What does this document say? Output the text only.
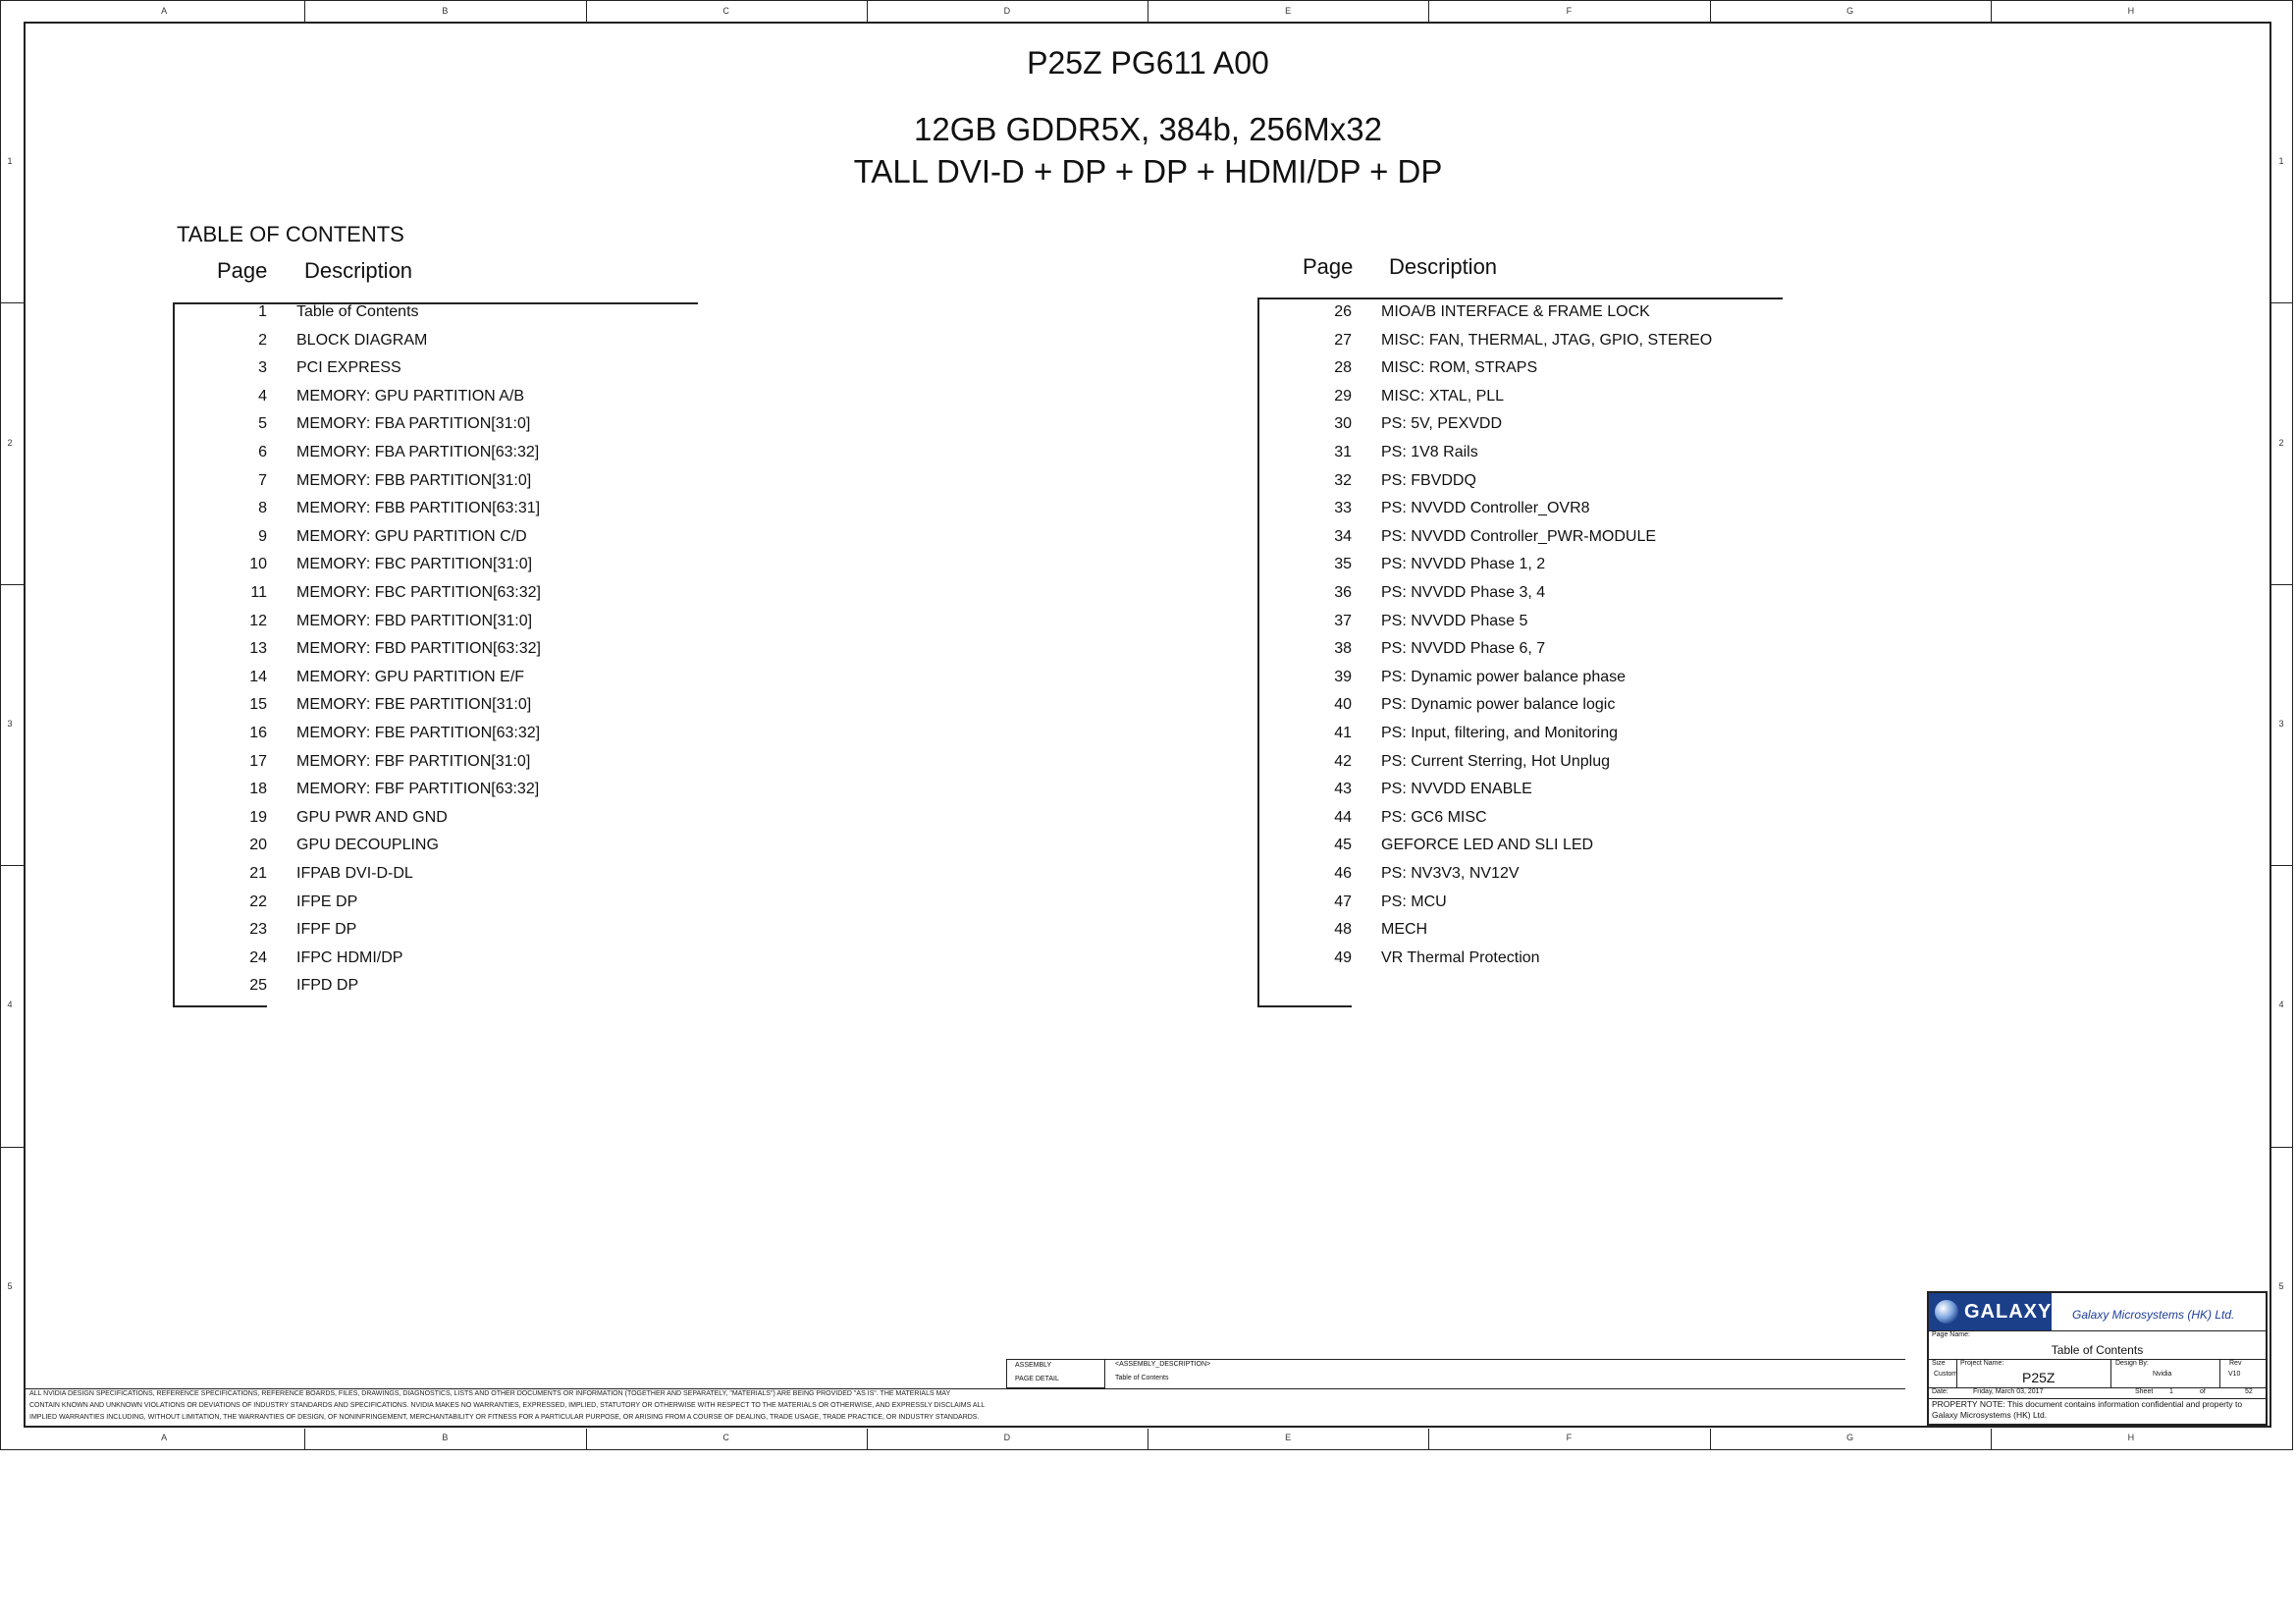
A
A
B
B
C
C
D
D
E
E
F
F
G
G
H
H
1	1
2	2
3	3
4	4
5	5
P25Z PG611 A00
12GB GDDR5X, 384b, 256Mx32
TALL DVI-D + DP + DP + HDMI/DP + DP
TABLE OF CONTENTS
Page Description
1 Table of Contents
2 BLOCK DIAGRAM
3 PCI EXPRESS
4 MEMORY: GPU PARTITION A/B
5 MEMORY: FBA PARTITION[31:0]
6 MEMORY: FBA PARTITION[63:32]
7 MEMORY: FBB PARTITION[31:0]
8 MEMORY: FBB PARTITION[63:31]
9 MEMORY: GPU PARTITION C/D
10 MEMORY: FBC PARTITION[31:0]
11 MEMORY: FBC PARTITION[63:32]
12 MEMORY: FBD PARTITION[31:0]
13 MEMORY: FBD PARTITION[63:32]
14 MEMORY: GPU PARTITION E/F
15 MEMORY: FBE PARTITION[31:0]
16 MEMORY: FBE PARTITION[63:32]
17 MEMORY: FBF PARTITION[31:0]
18 MEMORY: FBF PARTITION[63:32]
19 GPU PWR AND GND
20 GPU DECOUPLING
21 IFPAB DVI-D-DL
22 IFPE DP
23 IFPF DP
24 IFPC HDMI/DP
25 IFPD DP
Page Description
26 MIOA/B INTERFACE & FRAME LOCK
27 MISC: FAN, THERMAL, JTAG, GPIO, STEREO
28 MISC: ROM, STRAPS
29 MISC: XTAL, PLL
30 PS: 5V, PEXVDD
31 PS: 1V8 Rails
32 PS: FBVDDQ
33 PS: NVVDD Controller_OVR8
34 PS: NVVDD Controller_PWR-MODULE
35 PS: NVVDD Phase 1, 2
36 PS: NVVDD Phase 3, 4
37 PS: NVVDD Phase 5
38 PS: NVVDD Phase 6, 7
39 PS: Dynamic power balance phase
40 PS: Dynamic power balance logic
41 PS: Input, filtering, and Monitoring
42 PS: Current Sterring, Hot Unplug
43 PS: NVVDD ENABLE
44 PS: GC6 MISC
45 GEFORCE LED AND SLI LED
46 PS: NV3V3, NV12V
47 PS: MCU
48 MECH
49 VR Thermal Protection
ASSEMBLY
PAGE DETAIL
<ASSEMBLY_DESCRIPTION>
Table of Contents
ALL NVIDIA DESIGN SPECIFICATIONS, REFERENCE SPECIFICATIONS, REFERENCE BOARDS, FILES, DRAWINGS, DIAGNOSTICS, LISTS AND OTHER DOCUMENTS OR INFORMATION (TOGETHER AND SEPARATELY, "MATERIALS") ARE BEING PROVIDED "AS IS". THE MATERIALS MAY
CONTAIN KNOWN AND UNKNOWN VIOLATIONS OR DEVIATIONS OF INDUSTRY STANDARDS AND SPECIFICATIONS. NVIDIA MAKES NO WARRANTIES, EXPRESSED, IMPLIED, STATUTORY OR OTHERWISE WITH RESPECT TO THE MATERIALS OR OTHERWISE, AND EXPRESSLY DISCLAIMS ALL
IMPLIED WARRANTIES INCLUDING, WITHOUT LIMITATION, THE WARRANTIES OF DESIGN, OF NONINFRINGEMENT, MERCHANTABILITY OR FITNESS FOR A PARTICULAR PURPOSE, OR ARISING FROM A COURSE OF DEALING, TRADE USAGE, TRADE PRACTICE, OR INDUSTRY STANDARDS.
GALAXY Galaxy Microsystems (HK) Ltd.
Page Name:
Table of Contents
Size
Custom
Project Name:
P25Z
Design By:
Nvidia
Rev
V10
Date:	Friday, March 03, 2017	Sheet 1	of	52
PROPERTY NOTE: This document contains information confidential and property to Galaxy Microsystems (HK) Ltd.
